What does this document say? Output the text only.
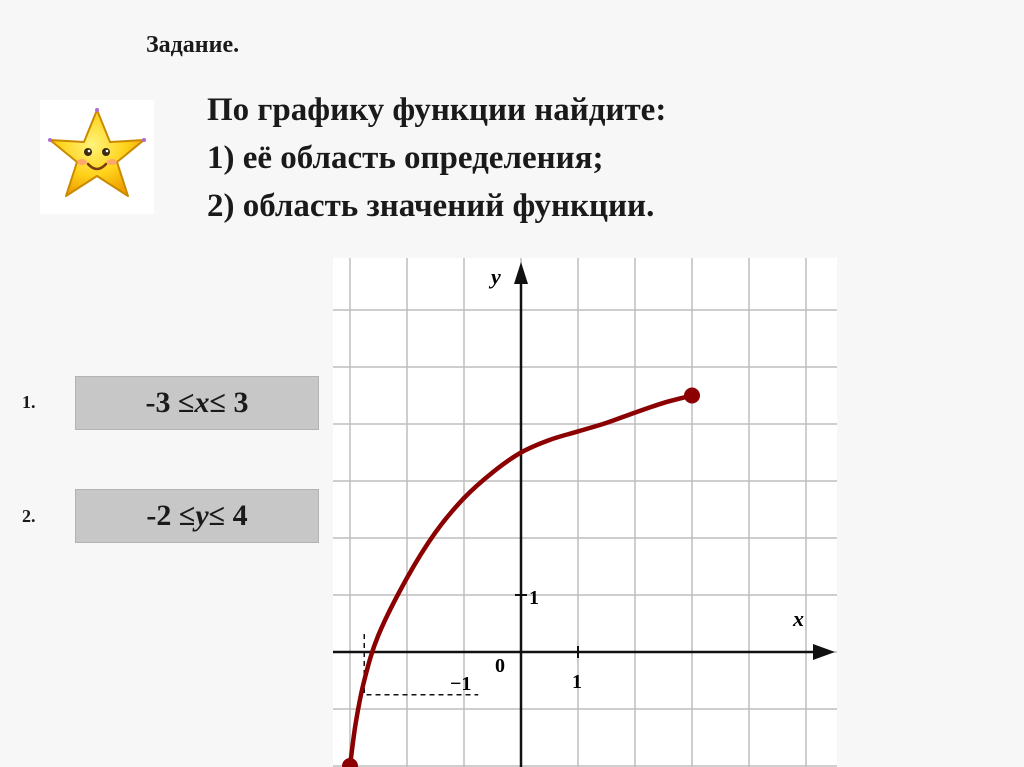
Задание.
По графику функции найдите:
1) её область определения;
2) область значений функции.
1.	-3 ≤ x ≤ 3
2.	-2 ≤ y ≤ 4
y
x
0
1
−1
1
